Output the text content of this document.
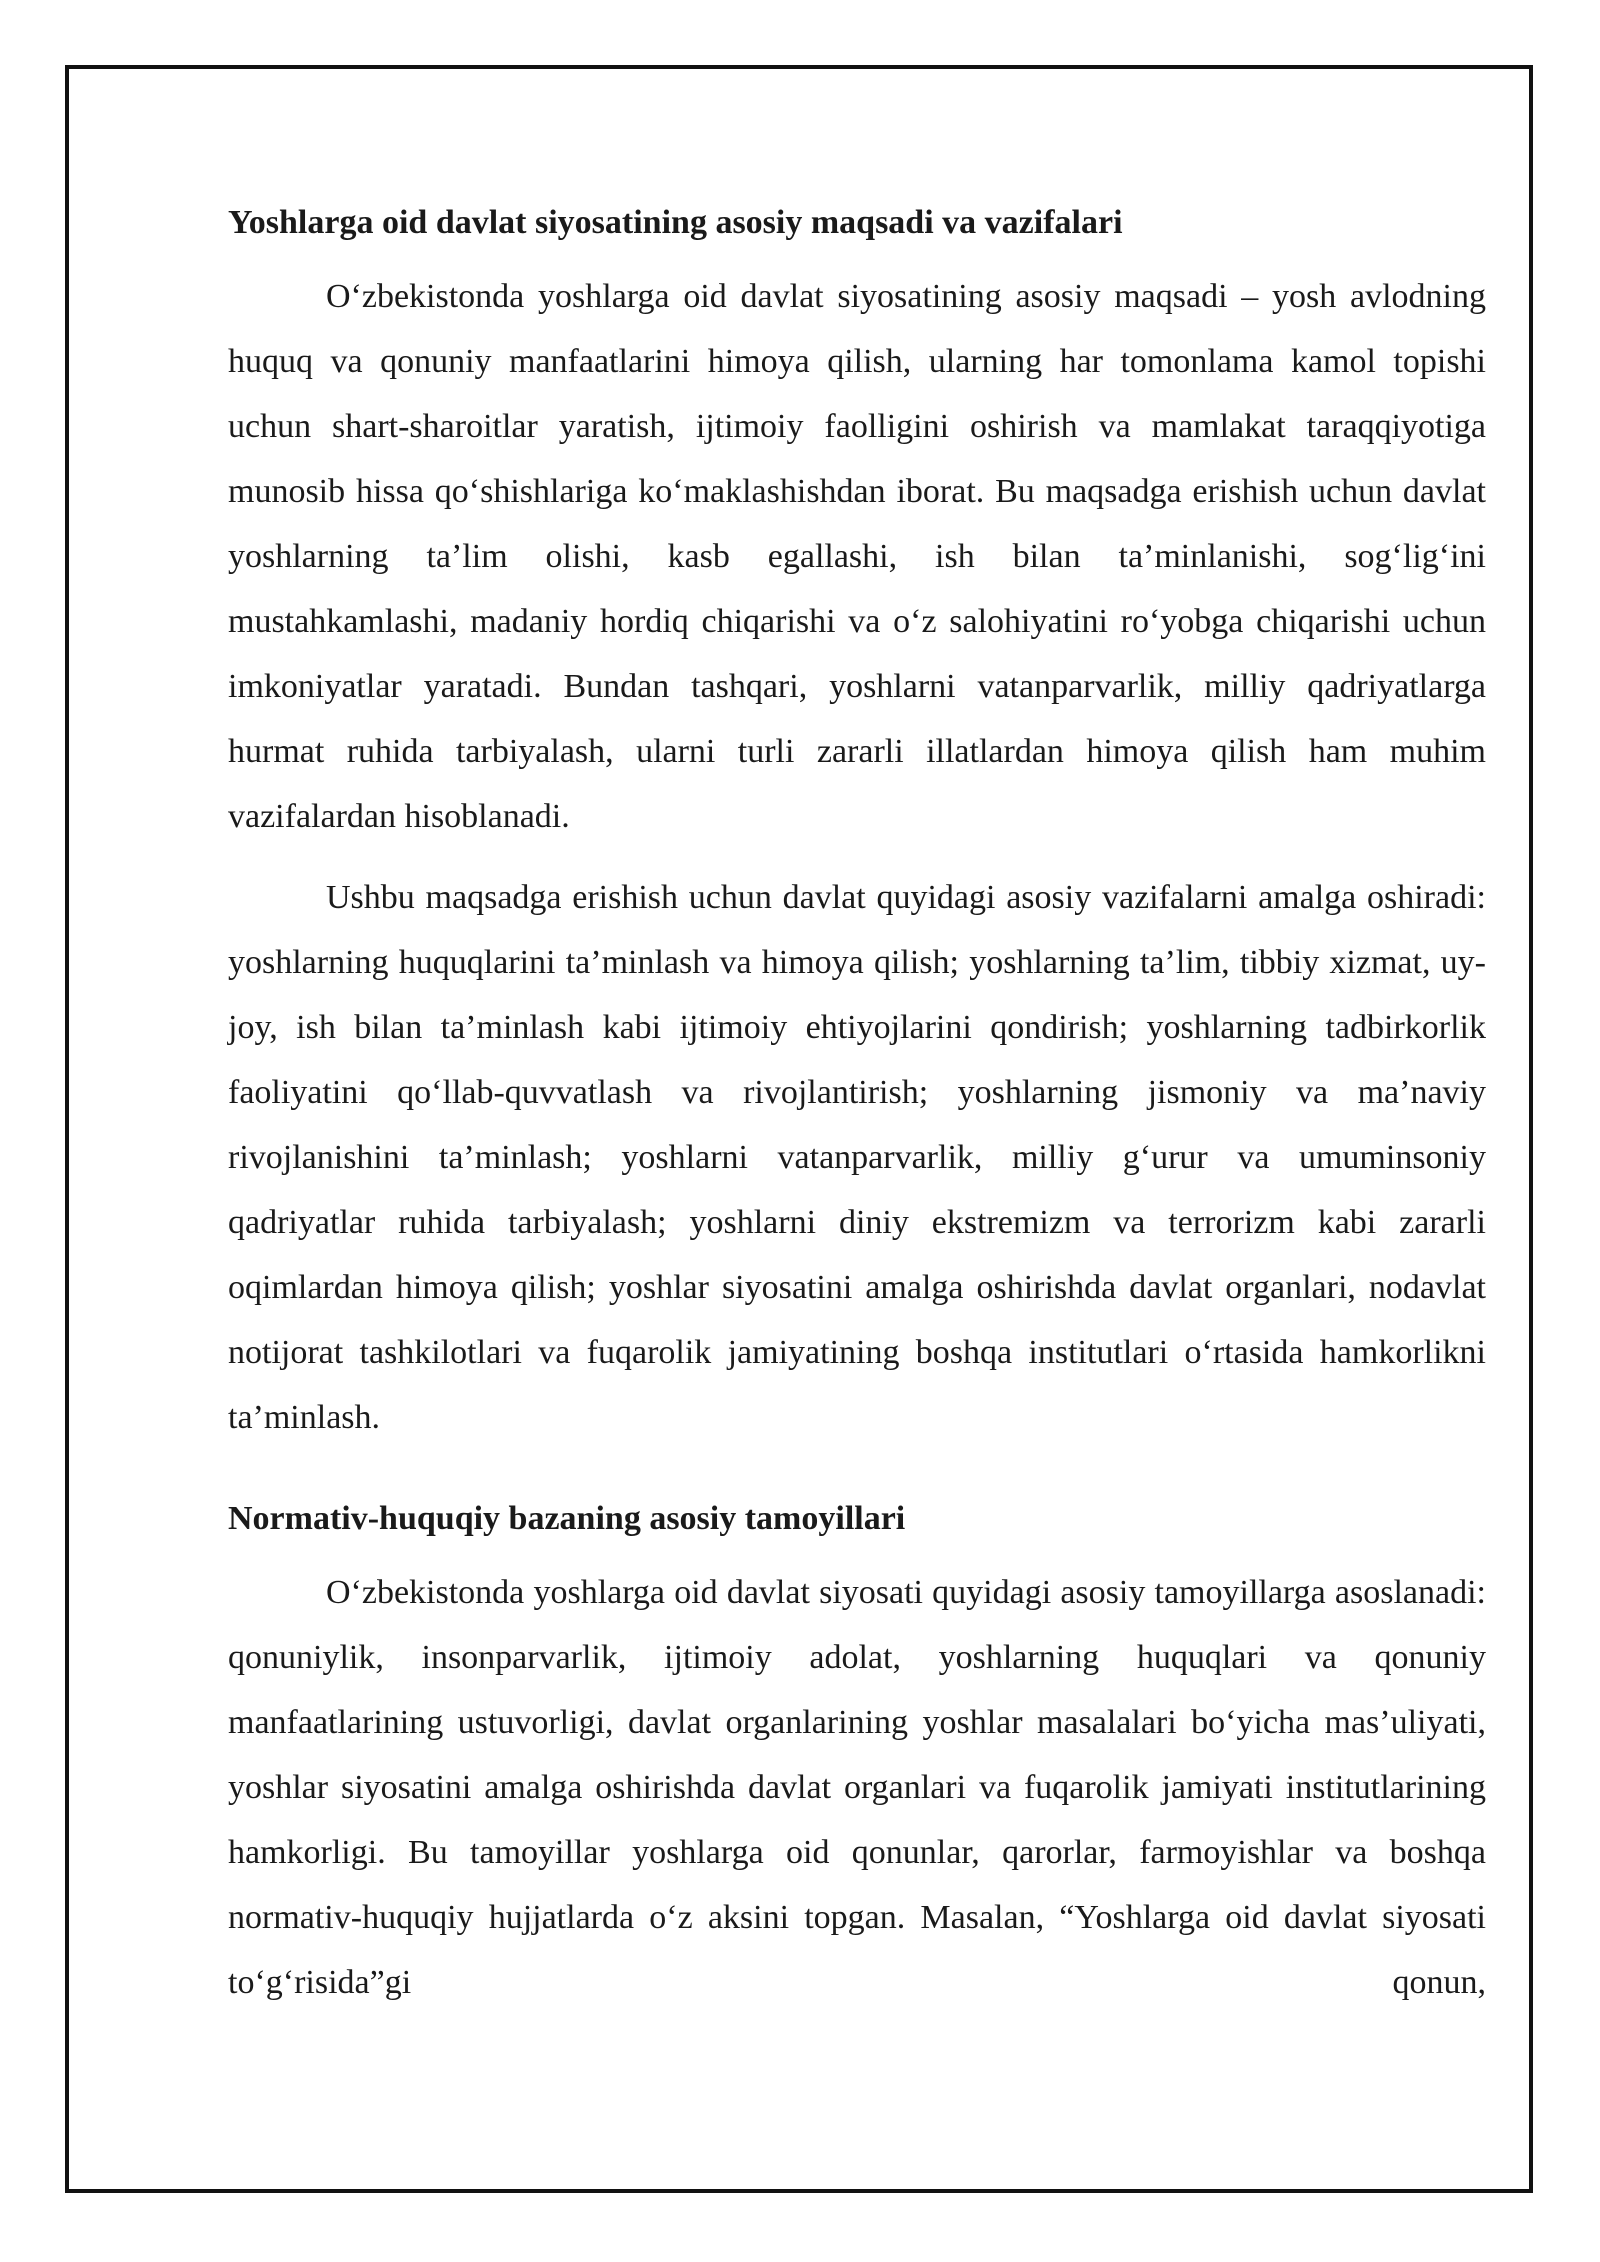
Yoshlarga oid davlat siyosatining asosiy maqsadi va vazifalari

O‘zbekistonda yoshlarga oid davlat siyosatining asosiy maqsadi – yosh avlodning huquq va qonuniy manfaatlarini himoya qilish, ularning har tomonlama kamol topishi uchun shart-sharoitlar yaratish, ijtimoiy faolligini oshirish va mamlakat taraqqiyotiga munosib hissa qo‘shishlariga ko‘maklashishdan iborat. Bu maqsadga erishish uchun davlat yoshlarning ta’lim olishi, kasb egallashi, ish bilan ta’minlanishi, sog‘lig‘ini mustahkamlashi, madaniy hordiq chiqarishi va o‘z salohiyatini ro‘yobga chiqarishi uchun imkoniyatlar yaratadi. Bundan tashqari, yoshlarni vatanparvarlik, milliy qadriyatlarga hurmat ruhida tarbiyalash, ularni turli zararli illatlardan himoya qilish ham muhim vazifalardan hisoblanadi.

Ushbu maqsadga erishish uchun davlat quyidagi asosiy vazifalarni amalga oshiradi: yoshlarning huquqlarini ta’minlash va himoya qilish; yoshlarning ta’lim, tibbiy xizmat, uy-joy, ish bilan ta’minlash kabi ijtimoiy ehtiyojlarini qondirish; yoshlarning tadbirkorlik faoliyatini qo‘llab-quvvatlash va rivojlantirish; yoshlarning jismoniy va ma’naviy rivojlanishini ta’minlash; yoshlarni vatanparvarlik, milliy g‘urur va umuminsoniy qadriyatlar ruhida tarbiyalash; yoshlarni diniy ekstremizm va terrorizm kabi zararli oqimlardan himoya qilish; yoshlar siyosatini amalga oshirishda davlat organlari, nodavlat notijorat tashkilotlari va fuqarolik jamiyatining boshqa institutlari o‘rtasida hamkorlikni ta’minlash.

Normativ-huquqiy bazaning asosiy tamoyillari

O‘zbekistonda yoshlarga oid davlat siyosati quyidagi asosiy tamoyillarga asoslanadi: qonuniylik, insonparvarlik, ijtimoiy adolat, yoshlarning huquqlari va qonuniy manfaatlarining ustuvorligi, davlat organlarining yoshlar masalalari bo‘yicha mas’uliyati, yoshlar siyosatini amalga oshirishda davlat organlari va fuqarolik jamiyati institutlarining hamkorligi. Bu tamoyillar yoshlarga oid qonunlar, qarorlar, farmoyishlar va boshqa normativ-huquqiy hujjatlarda o‘z aksini topgan. Masalan, “Yoshlarga oid davlat siyosati to‘g‘risida”gi qonun,
